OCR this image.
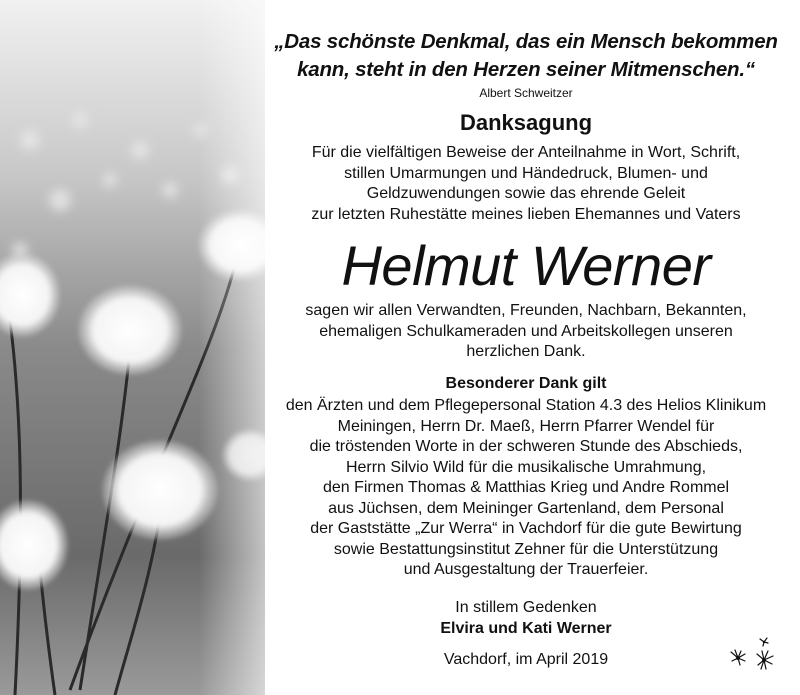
„Das schönste Denkmal, das ein Mensch bekommen
kann, steht in den Herzen seiner Mitmenschen.“
Albert Schweitzer
Danksagung
Für die vielfältigen Beweise der Anteilnahme in Wort, Schrift,
stillen Umarmungen und Händedruck, Blumen- und
Geldzuwendungen sowie das ehrende Geleit
zur letzten Ruhestätte meines lieben Ehemannes und Vaters
Helmut Werner
sagen wir allen Verwandten, Freunden, Nachbarn, Bekannten,
ehemaligen Schulkameraden und Arbeitskollegen unseren
herzlichen Dank.
Besonderer Dank gilt
den Ärzten und dem Pflegepersonal Station 4.3 des Helios Klinikum
Meiningen, Herrn Dr. Maeß, Herrn Pfarrer Wendel für
die tröstenden Worte in der schweren Stunde des Abschieds,
Herrn Silvio Wild für die musikalische Umrahmung,
den Firmen Thomas & Matthias Krieg und Andre Rommel
aus Jüchsen, dem Meininger Gartenland, dem Personal
der Gaststätte „Zur Werra“ in Vachdorf für die gute Bewirtung
sowie Bestattungsinstitut Zehner für die Unterstützung
und Ausgestaltung der Trauerfeier.
In stillem Gedenken
Elvira und Kati Werner
Vachdorf, im April 2019
